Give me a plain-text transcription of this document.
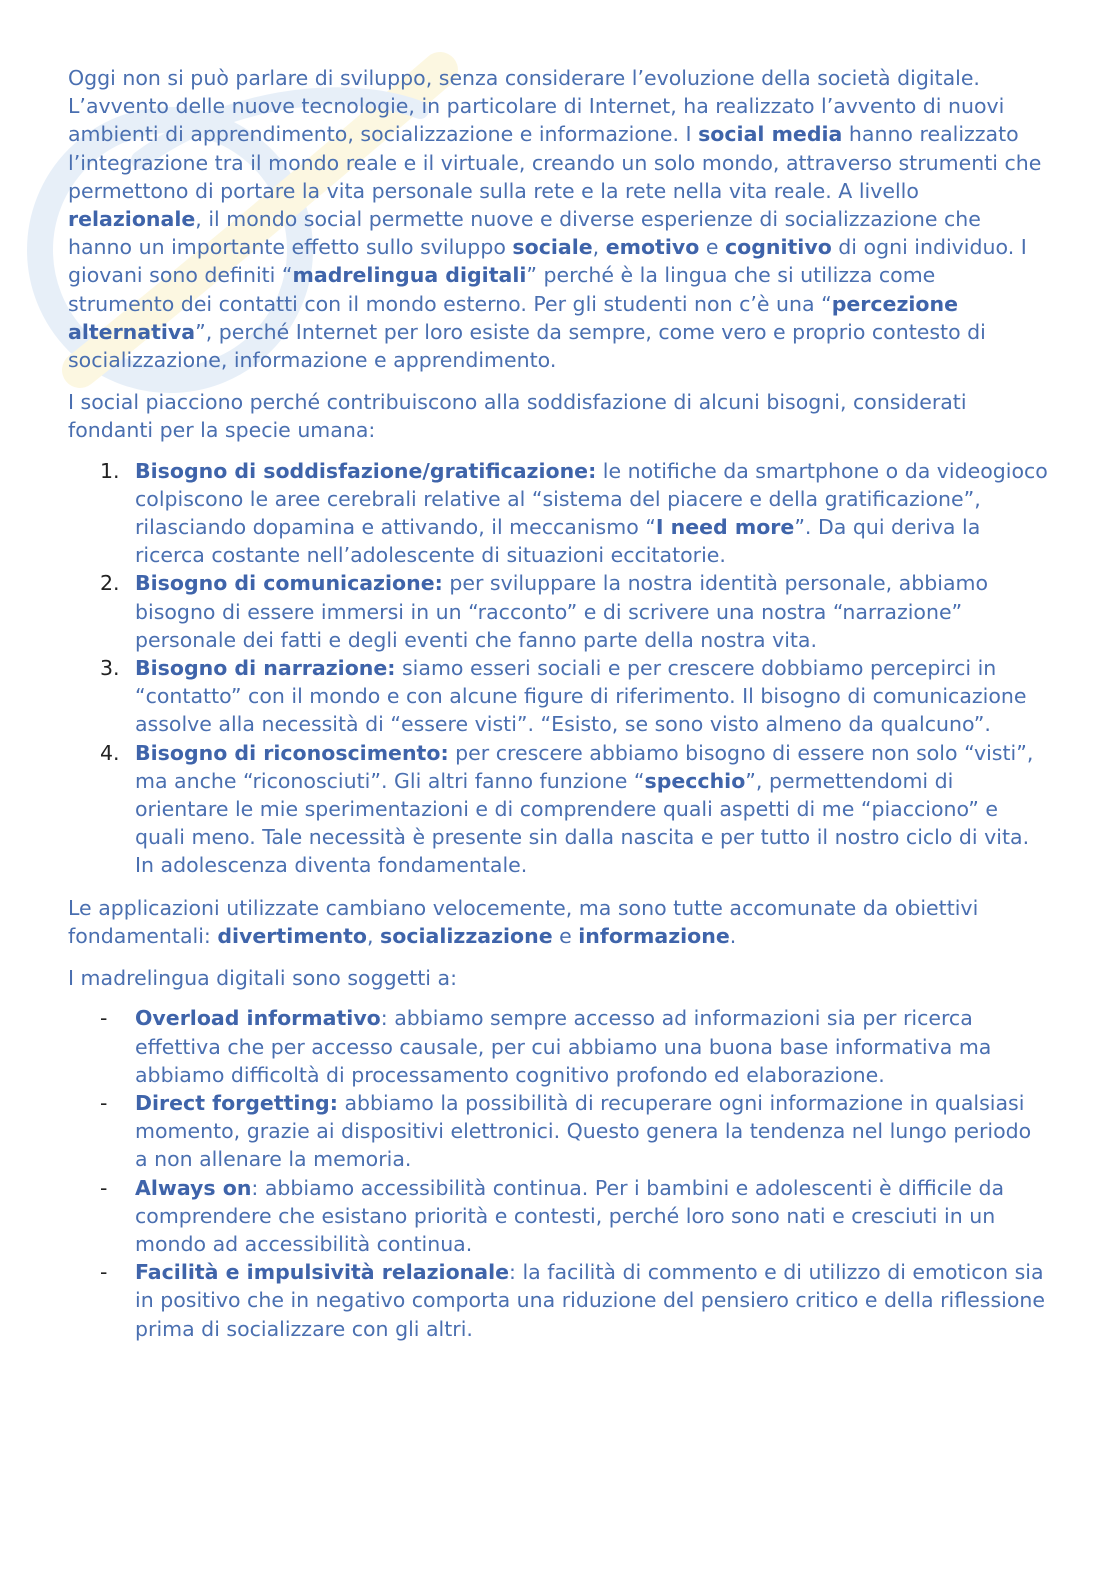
Oggi non si può parlare di sviluppo, senza considerare l’evoluzione della società digitale. L’avvento delle nuove tecnologie, in particolare di Internet, ha realizzato l’avvento di nuovi ambienti di apprendimento, socializzazione e informazione. I social media hanno realizzato l’integrazione tra il mondo reale e il virtuale, creando un solo mondo, attraverso strumenti che permettono di portare la vita personale sulla rete e la rete nella vita reale. A livello relazionale, il mondo social permette nuove e diverse esperienze di socializzazione che hanno un importante effetto sullo sviluppo sociale, emotivo e cognitivo di ogni individuo. I giovani sono definiti “madrelingua digitali” perché è la lingua che si utilizza come strumento dei contatti con il mondo esterno. Per gli studenti non c’è una “percezione alternativa”, perché Internet per loro esiste da sempre, come vero e proprio contesto di socializzazione, informazione e apprendimento.

I social piacciono perché contribuiscono alla soddisfazione di alcuni bisogni, considerati fondanti per la specie umana:

1. Bisogno di soddisfazione/gratificazione: le notifiche da smartphone o da videogioco colpiscono le aree cerebrali relative al “sistema del piacere e della gratificazione”, rilasciando dopamina e attivando, il meccanismo “I need more”. Da qui deriva la ricerca costante nell’adolescente di situazioni eccitatorie.
2. Bisogno di comunicazione: per sviluppare la nostra identità personale, abbiamo bisogno di essere immersi in un “racconto” e di scrivere una nostra “narrazione” personale dei fatti e degli eventi che fanno parte della nostra vita.
3. Bisogno di narrazione: siamo esseri sociali e per crescere dobbiamo percepirci in “contatto” con il mondo e con alcune figure di riferimento. Il bisogno di comunicazione assolve alla necessità di “essere visti”. “Esisto, se sono visto almeno da qualcuno”.
4. Bisogno di riconoscimento: per crescere abbiamo bisogno di essere non solo “visti”, ma anche “riconosciuti”. Gli altri fanno funzione “specchio”, permettendomi di orientare le mie sperimentazioni e di comprendere quali aspetti di me “piacciono” e quali meno. Tale necessità è presente sin dalla nascita e per tutto il nostro ciclo di vita. In adolescenza diventa fondamentale.

Le applicazioni utilizzate cambiano velocemente, ma sono tutte accomunate da obiettivi fondamentali: divertimento, socializzazione e informazione.

I madrelingua digitali sono soggetti a:

- Overload informativo: abbiamo sempre accesso ad informazioni sia per ricerca effettiva che per accesso causale, per cui abbiamo una buona base informativa ma abbiamo difficoltà di processamento cognitivo profondo ed elaborazione.
- Direct forgetting: abbiamo la possibilità di recuperare ogni informazione in qualsiasi momento, grazie ai dispositivi elettronici. Questo genera la tendenza nel lungo periodo a non allenare la memoria.
- Always on: abbiamo accessibilità continua. Per i bambini e adolescenti è difficile da comprendere che esistano priorità e contesti, perché loro sono nati e cresciuti in un mondo ad accessibilità continua.
- Facilità e impulsività relazionale: la facilità di commento e di utilizzo di emoticon sia in positivo che in negativo comporta una riduzione del pensiero critico e della riflessione prima di socializzare con gli altri.
